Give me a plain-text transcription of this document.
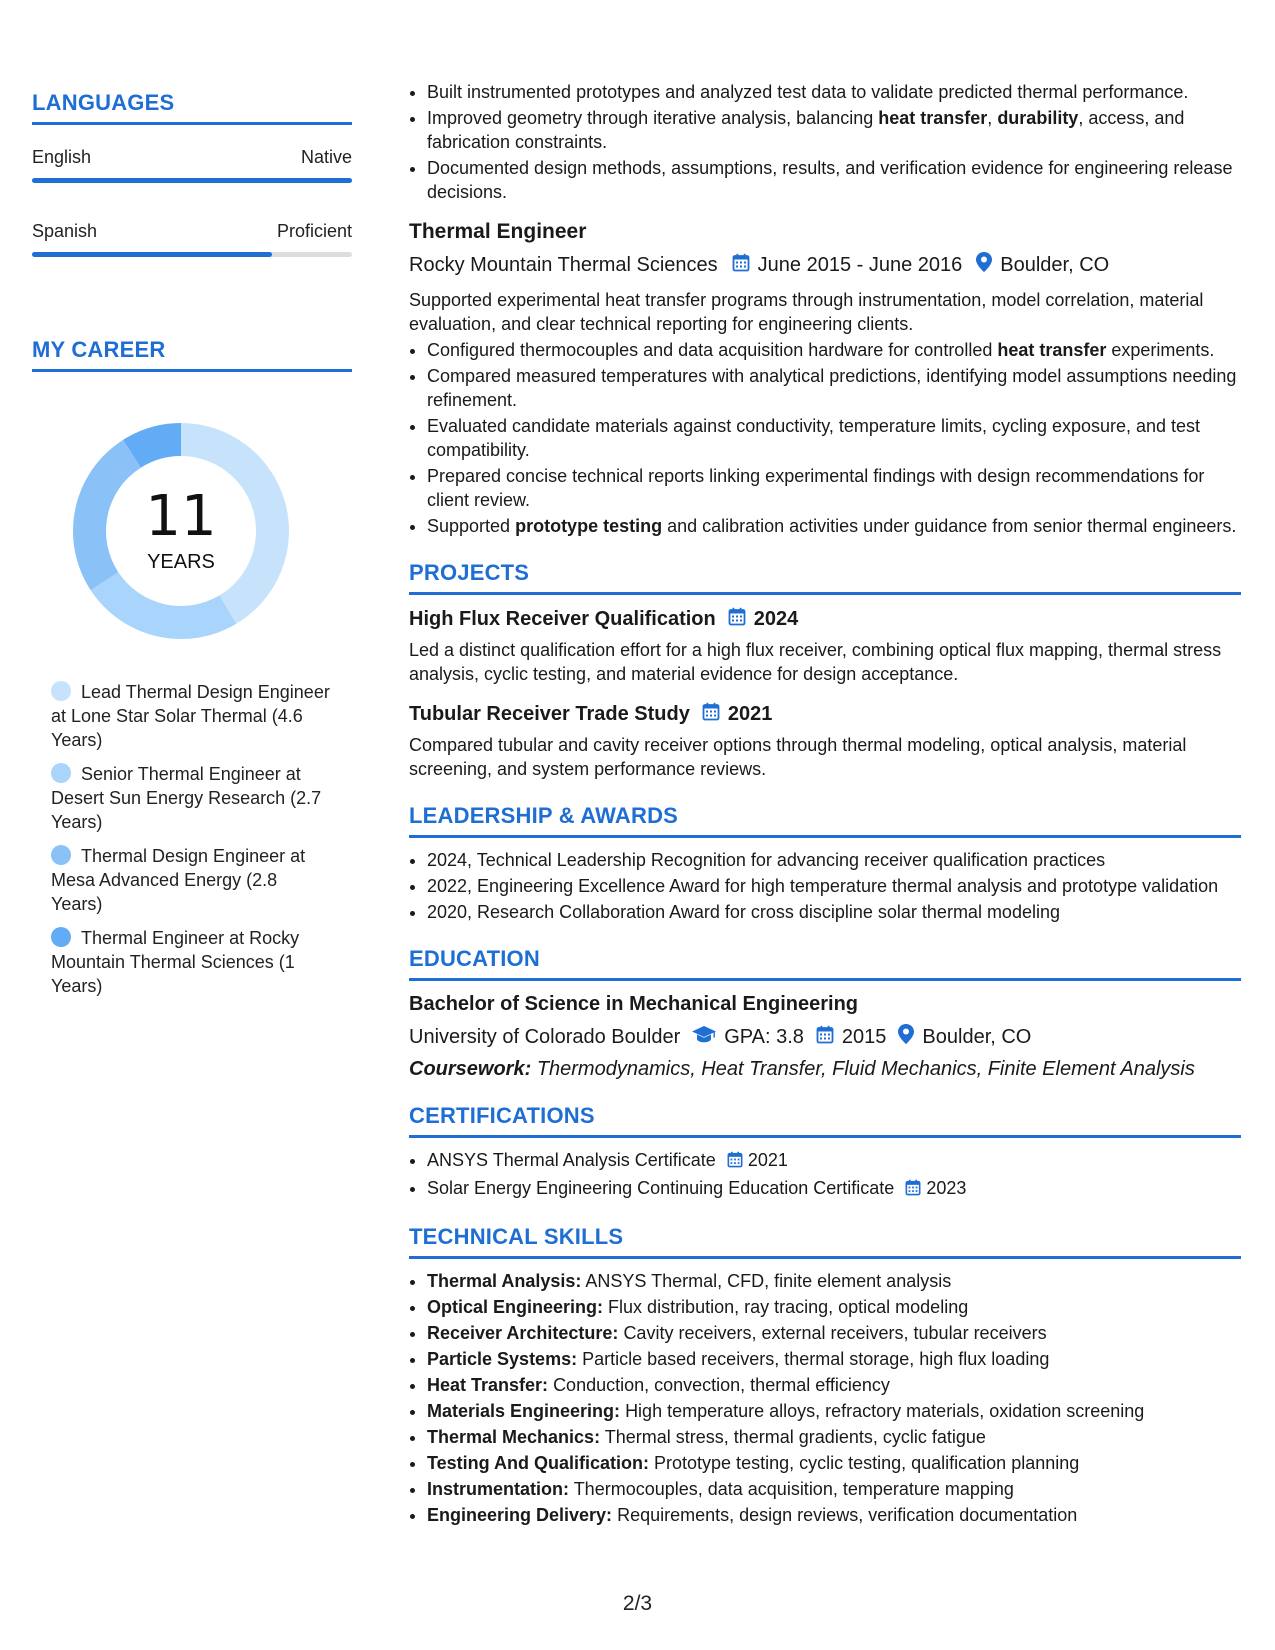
LANGUAGES
English	Native
Spanish	Proficient
MY CAREER
11
YEARS
Lead Thermal Design Engineer at Lone Star Solar Thermal (4.6 Years)
Senior Thermal Engineer at Desert Sun Energy Research (2.7 Years)
Thermal Design Engineer at Mesa Advanced Energy (2.8 Years)
Thermal Engineer at Rocky Mountain Thermal Sciences (1 Years)
• Built instrumented prototypes and analyzed test data to validate predicted thermal performance.
• Improved geometry through iterative analysis, balancing heat transfer, durability, access, and fabrication constraints.
• Documented design methods, assumptions, results, and verification evidence for engineering release decisions.
Thermal Engineer
Rocky Mountain Thermal Sciences June 2015 - June 2016 Boulder, CO
Supported experimental heat transfer programs through instrumentation, model correlation, material evaluation, and clear technical reporting for engineering clients.
• Configured thermocouples and data acquisition hardware for controlled heat transfer experiments.
• Compared measured temperatures with analytical predictions, identifying model assumptions needing refinement.
• Evaluated candidate materials against conductivity, temperature limits, cycling exposure, and test compatibility.
• Prepared concise technical reports linking experimental findings with design recommendations for client review.
• Supported prototype testing and calibration activities under guidance from senior thermal engineers.
PROJECTS
High Flux Receiver Qualification 2024
Led a distinct qualification effort for a high flux receiver, combining optical flux mapping, thermal stress analysis, cyclic testing, and material evidence for design acceptance.
Tubular Receiver Trade Study 2021
Compared tubular and cavity receiver options through thermal modeling, optical analysis, material screening, and system performance reviews.
LEADERSHIP & AWARDS
• 2024, Technical Leadership Recognition for advancing receiver qualification practices
• 2022, Engineering Excellence Award for high temperature thermal analysis and prototype validation
• 2020, Research Collaboration Award for cross discipline solar thermal modeling
EDUCATION
Bachelor of Science in Mechanical Engineering
University of Colorado Boulder GPA: 3.8 2015 Boulder, CO
Coursework: Thermodynamics, Heat Transfer, Fluid Mechanics, Finite Element Analysis
CERTIFICATIONS
• ANSYS Thermal Analysis Certificate 2021
• Solar Energy Engineering Continuing Education Certificate 2023
TECHNICAL SKILLS
• Thermal Analysis: ANSYS Thermal, CFD, finite element analysis
• Optical Engineering: Flux distribution, ray tracing, optical modeling
• Receiver Architecture: Cavity receivers, external receivers, tubular receivers
• Particle Systems: Particle based receivers, thermal storage, high flux loading
• Heat Transfer: Conduction, convection, thermal efficiency
• Materials Engineering: High temperature alloys, refractory materials, oxidation screening
• Thermal Mechanics: Thermal stress, thermal gradients, cyclic fatigue
• Testing And Qualification: Prototype testing, cyclic testing, qualification planning
• Instrumentation: Thermocouples, data acquisition, temperature mapping
• Engineering Delivery: Requirements, design reviews, verification documentation
2/3
